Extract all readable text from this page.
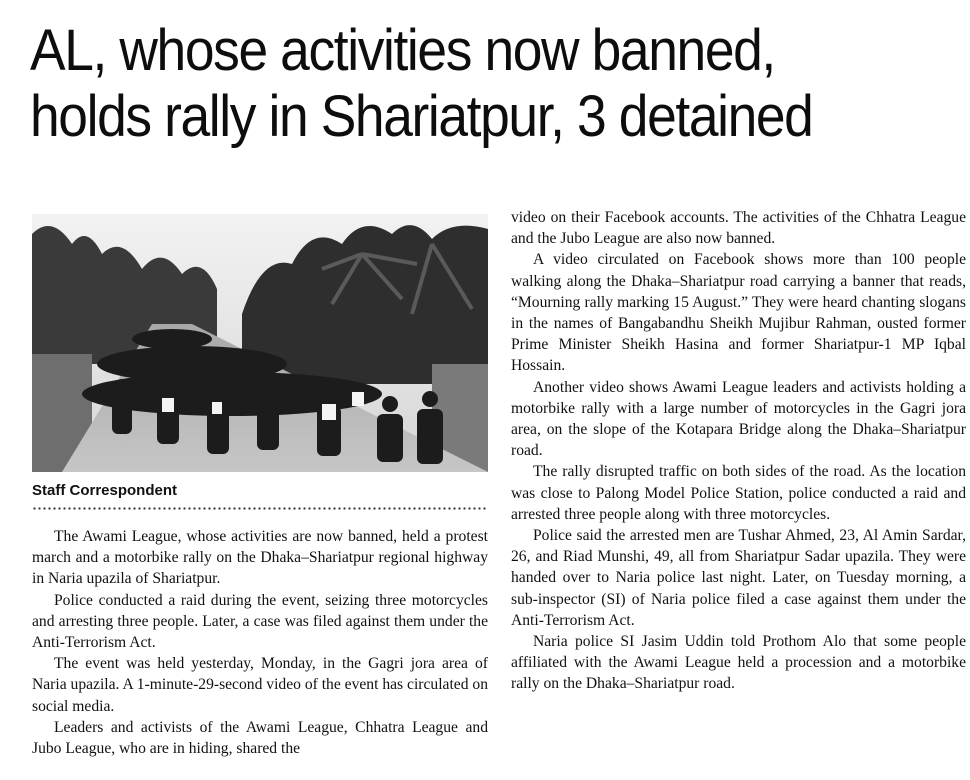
AL, whose activities now banned,
holds rally in Shariatpur, 3 detained
Staff Correspondent

The Awami League, whose activities are now banned, held a protest march and a motorbike rally on the Dhaka–Shariatpur regional highway in Naria upazila of Shariatpur.

Police conducted a raid during the event, seizing three motorcycles and arresting three people. Later, a case was filed against them under the Anti-Terrorism Act.

The event was held yesterday, Monday, in the Gagri jora area of Naria upazila. A 1-minute-29-second video of the event has circulated on social media.

Leaders and activists of the Awami League, Chhatra League and Jubo League, who are in hiding, shared the

video on their Facebook accounts. The activities of the Chhatra League and the Jubo League are also now banned.

A video circulated on Facebook shows more than 100 people walking along the Dhaka–Shariatpur road carrying a banner that reads, “Mourning rally marking 15 August.” They were heard chanting slogans in the names of Bangabandhu Sheikh Mujibur Rahman, ousted former Prime Minister Sheikh Hasina and former Shariatpur-1 MP Iqbal Hossain.

Another video shows Awami League leaders and activists holding a motorbike rally with a large number of motorcycles in the Gagri jora area, on the slope of the Kotapara Bridge along the Dhaka–Shariatpur road.

The rally disrupted traffic on both sides of the road. As the location was close to Palong Model Police Station, police conducted a raid and arrested three people along with three motorcycles.

Police said the arrested men are Tushar Ahmed, 23, Al Amin Sardar, 26, and Riad Munshi, 49, all from Shariatpur Sadar upazila. They were handed over to Naria police last night. Later, on Tuesday morning, a sub-inspector (SI) of Naria police filed a case against them under the Anti-Terrorism Act.

Naria police SI Jasim Uddin told Prothom Alo that some people affiliated with the Awami League held a procession and a motorbike rally on the Dhaka–Shariatpur road.
